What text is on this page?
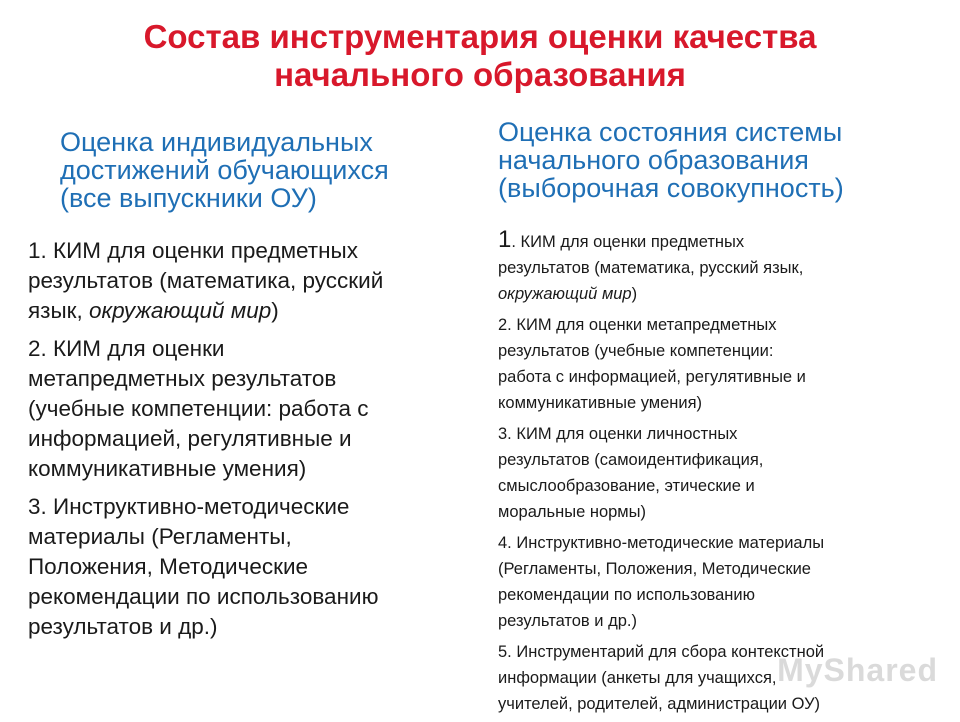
Состав инструментария оценки качества
начального образования
Оценка индивидуальных
достижений обучающихся
(все выпускники ОУ)
Оценка состояния системы
начального образования
(выборочная совокупность)
1. КИМ для оценки предметных
результатов (математика, русский
язык, окружающий мир)
2. КИМ для оценки
метапредметных результатов
(учебные компетенции: работа с
информацией, регулятивные и
коммуникативные умения)
3. Инструктивно-методические
материалы (Регламенты,
Положения, Методические
рекомендации по использованию
результатов и др.)
1. КИМ для оценки предметных
результатов (математика, русский язык,
окружающий мир)
2. КИМ для оценки метапредметных
результатов (учебные компетенции:
работа с информацией, регулятивные и
коммуникативные умения)
3. КИМ для оценки личностных
результатов (самоидентификация,
смыслообразование, этические и
моральные нормы)
4. Инструктивно-методические материалы
(Регламенты, Положения, Методические
рекомендации по использованию
результатов и др.)
5. Инструментарий для сбора контекстной
информации (анкеты для учащихся,
учителей, родителей, администрации ОУ)
MyShared
